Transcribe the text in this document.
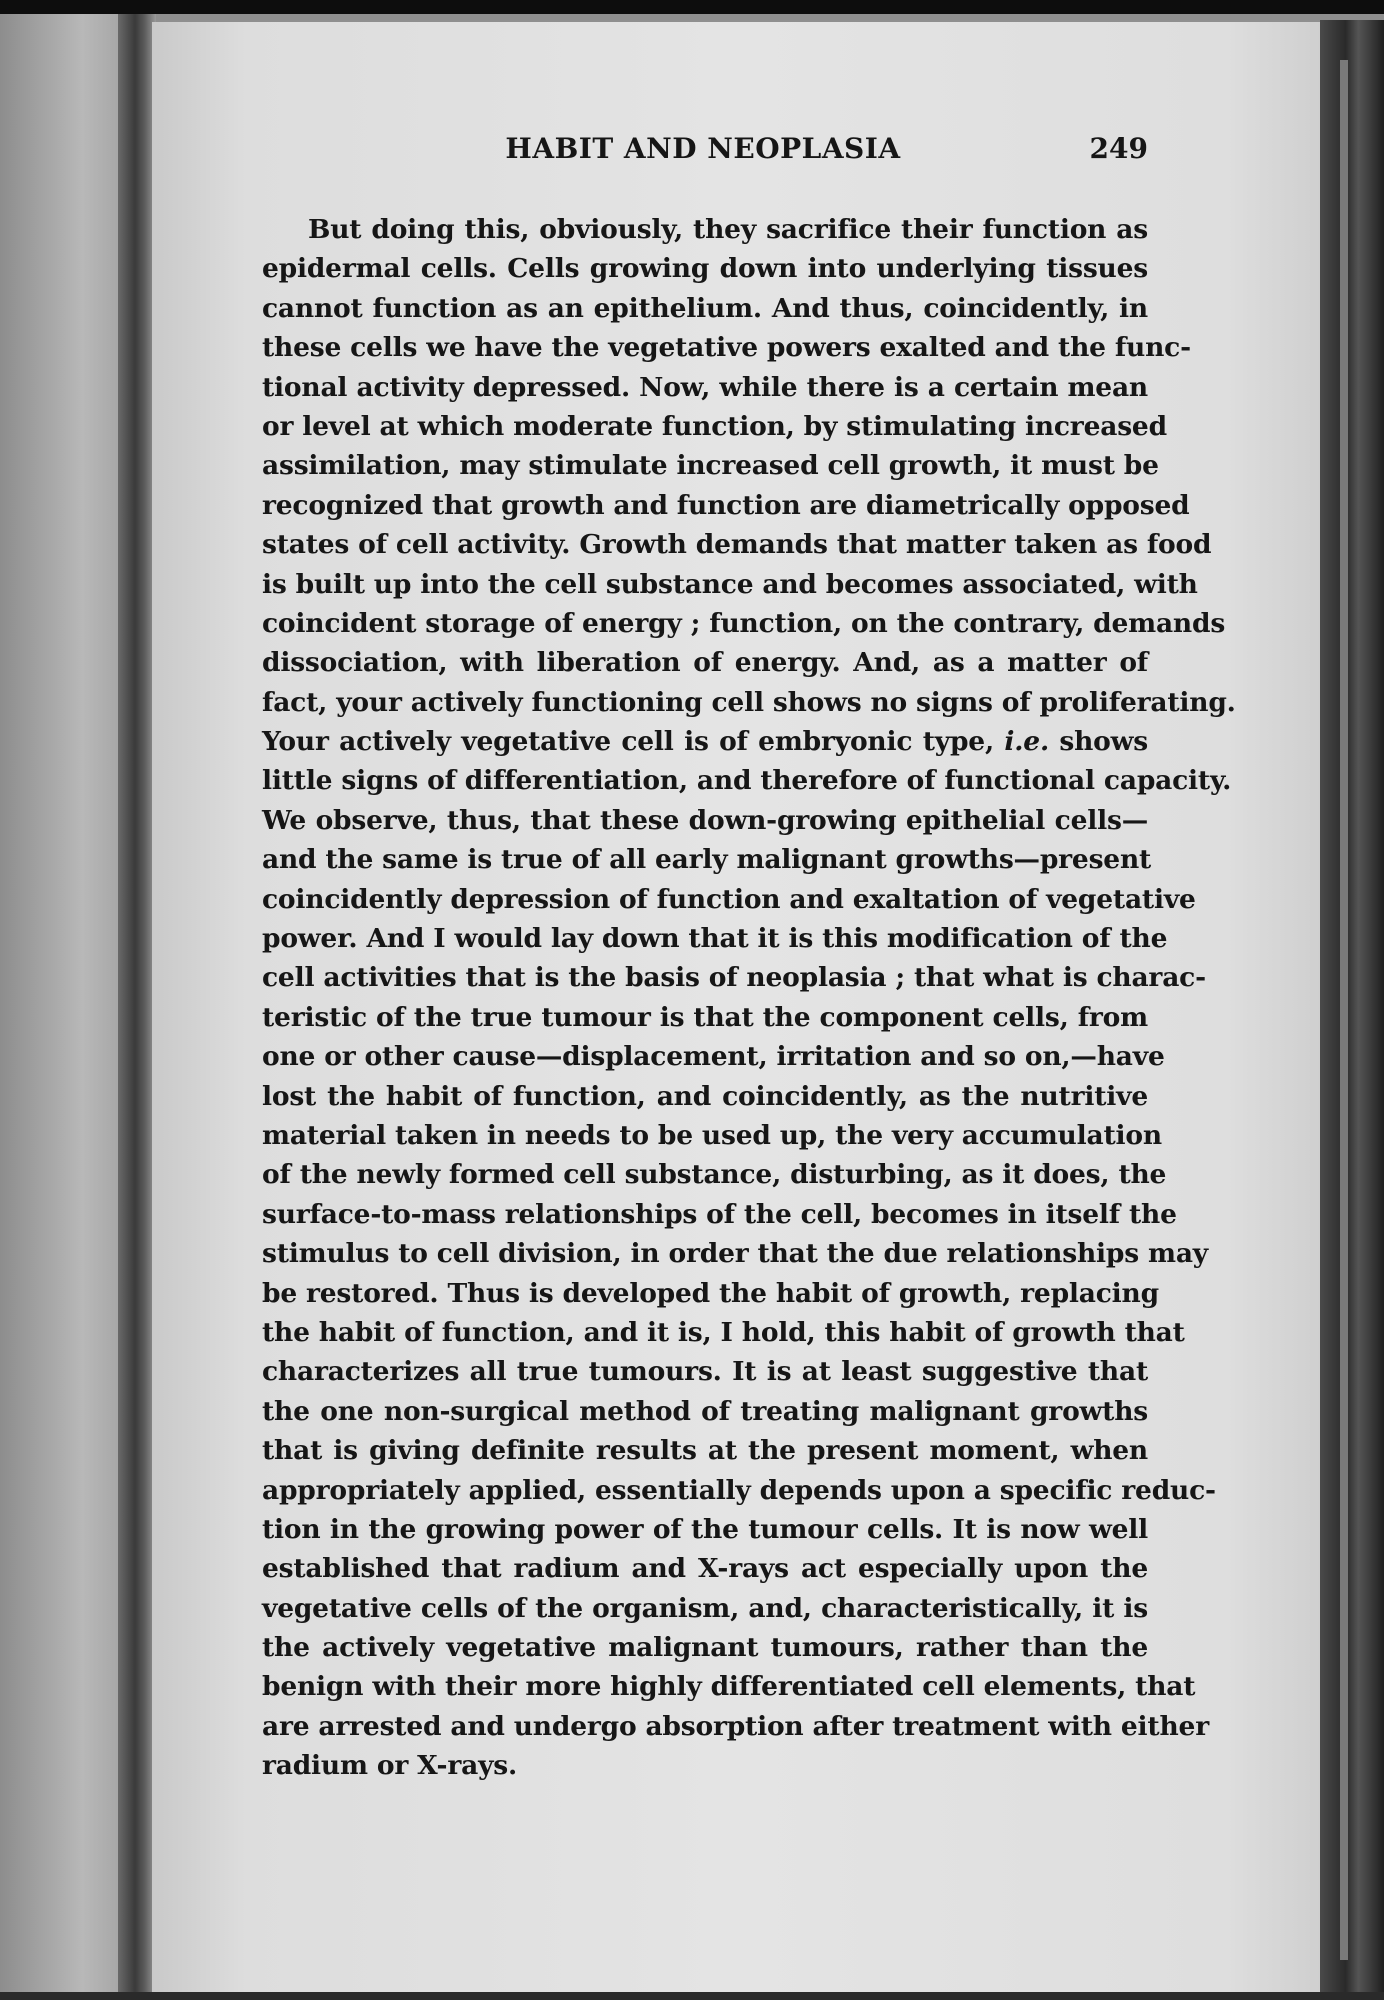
HABIT AND NEOPLASIA	249
But doing this, obviously, they sacrifice their function as
epidermal cells. Cells growing down into underlying tissues
cannot function as an epithelium. And thus, coincidently, in
these cells we have the vegetative powers exalted and the func-
tional activity depressed. Now, while there is a certain mean
or level at which moderate function, by stimulating increased
assimilation, may stimulate increased cell growth, it must be
recognized that growth and function are diametrically opposed
states of cell activity. Growth demands that matter taken as food
is built up into the cell substance and becomes associated, with
coincident storage of energy ; function, on the contrary, demands
dissociation, with liberation of energy. And, as a matter of
fact, your actively functioning cell shows no signs of proliferating.
Your actively vegetative cell is of embryonic type, i.e. shows
little signs of differentiation, and therefore of functional capacity.
We observe, thus, that these down-growing epithelial cells—
and the same is true of all early malignant growths—present
coincidently depression of function and exaltation of vegetative
power. And I would lay down that it is this modification of the
cell activities that is the basis of neoplasia ; that what is charac-
teristic of the true tumour is that the component cells, from
one or other cause—displacement, irritation and so on,—have
lost the habit of function, and coincidently, as the nutritive
material taken in needs to be used up, the very accumulation
of the newly formed cell substance, disturbing, as it does, the
surface-to-mass relationships of the cell, becomes in itself the
stimulus to cell division, in order that the due relationships may
be restored. Thus is developed the habit of growth, replacing
the habit of function, and it is, I hold, this habit of growth that
characterizes all true tumours. It is at least suggestive that
the one non-surgical method of treating malignant growths
that is giving definite results at the present moment, when
appropriately applied, essentially depends upon a specific reduc-
tion in the growing power of the tumour cells. It is now well
established that radium and X-rays act especially upon the
vegetative cells of the organism, and, characteristically, it is
the actively vegetative malignant tumours, rather than the
benign with their more highly differentiated cell elements, that
are arrested and undergo absorption after treatment with either
radium or X-rays.
